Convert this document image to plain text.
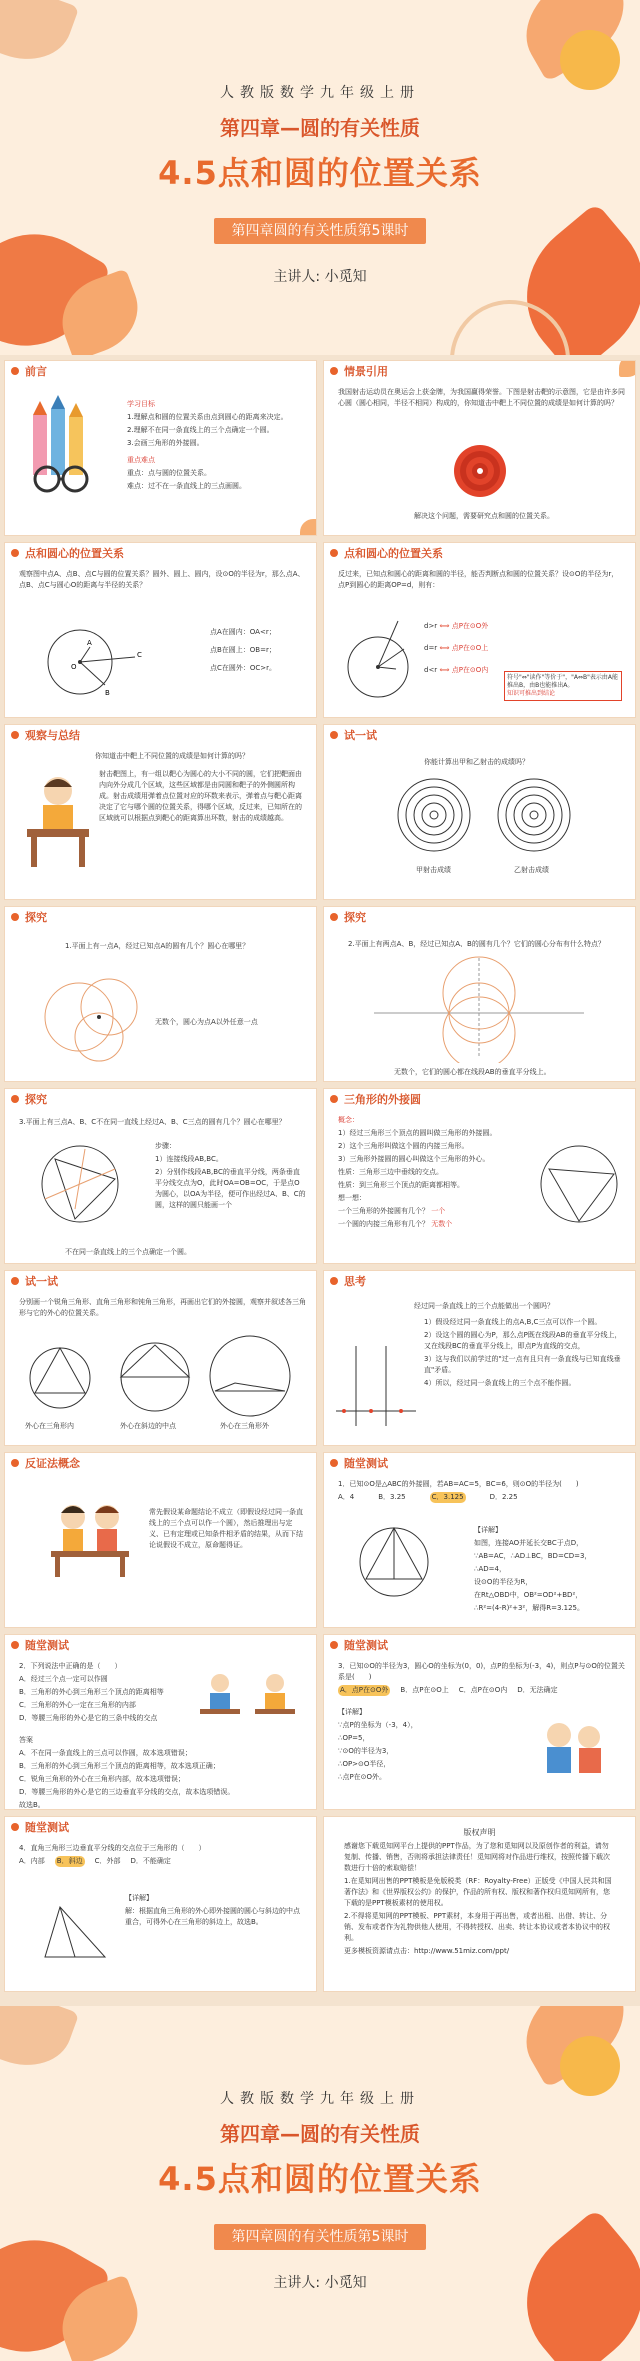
人教版数学九年级上册
第四章—圆的有关性质
4.5点和圆的位置关系
第四章圆的有关性质第5课时
主讲人: 小觅知
前言

学习目标

1.理解点和圆的位置关系由点到圆心的距离来决定。

2.理解不在同一条直线上的三个点确定一个圆。

3.会画三角形的外接圆。

重点难点

重点：点与圆的位置关系。

难点：过不在一条直线上的三点画圆。

情景引用

我国射击运动员在奥运会上获金牌，为我国赢得荣誉。下图是射击靶的示意图，它是由许多同心圆（圆心相同，半径不相同）构成的，你知道击中靶上不同位置的成绩是如何计算的吗？

解决这个问题，需要研究点和圆的位置关系。
点和圆心的位置关系

观察图中点A、点B、点C与圆的位置关系？圆外、圆上、圆内，设⊙O的半径为r，那么点A、点B、点C与圆心O的距离与半径的关系？

A
B
C
O
点A在圆内：OA<r；
点B在圆上：OB=r；
点C在圆外：OC>r。
点和圆心的位置关系

反过来，已知点和圆心的距离和圆的半径，能否判断点和圆的位置关系？设⊙O的半径为r，点P到圆心的距离OP=d，则有：

d>r ⟺ 点P在⊙O外
d=r ⟺ 点P在⊙O上
d<r ⟺ 点P在⊙O内
符号"⇔"读作"等价于"，"A⇔B"表示由A能推出B，由B也能推出A。
知识可推出到结论
观察与总结
你知道击中靶上不同位置的成绩是如何计算的吗？

射击靶图上，有一组以靶心为圆心的大小不同的圆，它们把靶面由内向外分成几个区域，这些区域都是由同圆和靶子的外侧圆所构成。射击成绩用弹着点位置对应的环数来表示，弹着点与靶心距离决定了它与哪个圆的位置关系，得哪个区域，反过来，已知所在的区域就可以根据点到靶心的距离算出环数，射击的成绩越高。

试一试
你能计算出甲和乙射击的成绩吗？
甲射击成绩	乙射击成绩
探究
1.平面上有一点A，经过已知点A的圆有几个？圆心在哪里？
无数个，圆心为点A以外任意一点
探究
2.平面上有两点A、B，经过已知点A、B的圆有几个？它们的圆心分布有什么特点？
无数个，它们的圆心都在线段AB的垂直平分线上。
探究
3.平面上有三点A、B、C不在同一直线上经过A、B、C三点的圆有几个？圆心在哪里？

步骤：

1）连接线段AB,BC。

2）分别作线段AB,BC的垂直平分线，两条垂直平分线交点为O，此时OA=OB=OC，于是点O为圆心，以OA为半径，便可作出经过A、B、C的圆，这样的圆只能画一个

不在同一条直线上的三个点确定一个圆。
三角形的外接圆

概念：

1）经过三角形三个顶点的圆叫做三角形的外接圆。

2）这个三角形叫做这个圆的内接三角形。

3）三角形外接圆的圆心叫做这个三角形的外心。

性质：三角形三边中垂线的交点。

性质：到三角形三个顶点的距离都相等。

想一想：

一个三角形的外接圆有几个？ 一个

一个圆的内接三角形有几个？ 无数个

试一试

分别画一个锐角三角形、直角三角形和钝角三角形，再画出它们的外接圆，观察并叙述各三角形与它的外心的位置关系。

外心在三角形内	外心在斜边的中点	外心在三角形外
思考
经过同一条直线上的三个点能做出一个圆吗？

1）假设经过同一条直线上的点A,B,C三点可以作一个圆。

2）设这个圆的圆心为P，那么点P既在线段AB的垂直平分线上，又在线段BC的垂直平分线上，即点P为直线的交点，

3）这与我们以前学过的"过一点有且只有一条直线与已知直线垂直"矛盾。

4）所以，经过同一条直线上的三个点不能作圆。

反证法概念

常先假设某命题结论不成立（即假设经过同一条直线上的三个点可以作一个圆），然后推理出与定义、已有定理或已知条件相矛盾的结果，从而下结论说假设不成立，原命题得证。

随堂测试

1．已知⊙O是△ABC的外接圆，若AB=AC=5，BC=6，则⊙O的半径为(　　)

A．4	B．3.25	C．3.125	D．2.25

【详解】

如图，连接AO并延长交BC于点D，

∵AB=AC，∴AD⊥BC，BD=CD=3，

∴AD=4，

设⊙O的半径为R，

在Rt△OBD中，OB²=OD²+BD²，

∴R²=(4-R)²+3²，解得R=3.125。

随堂测试

2．下列说法中正确的是（　　）

A．经过三个点一定可以作圆

B．三角形的外心到三角形三个顶点的距离相等

C．三角形的外心一定在三角形的内部

D．等腰三角形的外心是它的三条中线的交点

答案

A．不在同一条直线上的三点可以作圆，故本选项错误；

B．三角形的外心到三角形三个顶点的距离相等，故本选项正确；

C．锐角三角形的外心在三角形内部，故本选项错误；

D．等腰三角形的外心是它的三边垂直平分线的交点，故本选项错误。

故选B。

随堂测试

3．已知⊙O的半径为3，圆心O的坐标为(0，0)，点P的坐标为(-3，4)，则点P与⊙O的位置关系是(　　)

A．点P在⊙O外 B．点P在⊙O上 C．点P在⊙O内 D．无法确定

【详解】

∵点P的坐标为（-3，4），

∴OP=5，

∵⊙O的半径为3，

∴OP>⊙O半径，

∴点P在⊙O外。

随堂测试

4．直角三角形三边垂直平分线的交点位于三角形的（　　）

A．内部 B．斜边 C．外部 D．不能确定

【详解】

解：根据直角三角形的外心即外接圆的圆心与斜边的中点重合，可得外心在三角形的斜边上，故选B。

版权声明

感谢您下载觅知网平台上提供的PPT作品，为了您和觅知网以及原创作者的利益，请勿复制、传播、销售，否则将承担法律责任！觅知网将对作品进行维权，按照传播下载次数进行十倍的索取赔偿！

1.在觅知网出售的PPT模板是免版税类（RF：Royalty-Free）正版受《中国人民共和国著作法》和《世界版权公约》的保护，作品的所有权、版权和著作权归觅知网所有，您下载的是PPT模板素材的使用权。

2.不得将觅知网的PPT模板、PPT素材，本身用于再出售，或者出租、出借、转让、分销、发布或者作为礼物供他人使用，不得转授权、出卖、转让本协议或者本协议中的权利。

更多模板资源请点击：http://www.51miz.com/ppt/

人教版数学九年级上册
第四章—圆的有关性质
4.5点和圆的位置关系
第四章圆的有关性质第5课时
主讲人: 小觅知
